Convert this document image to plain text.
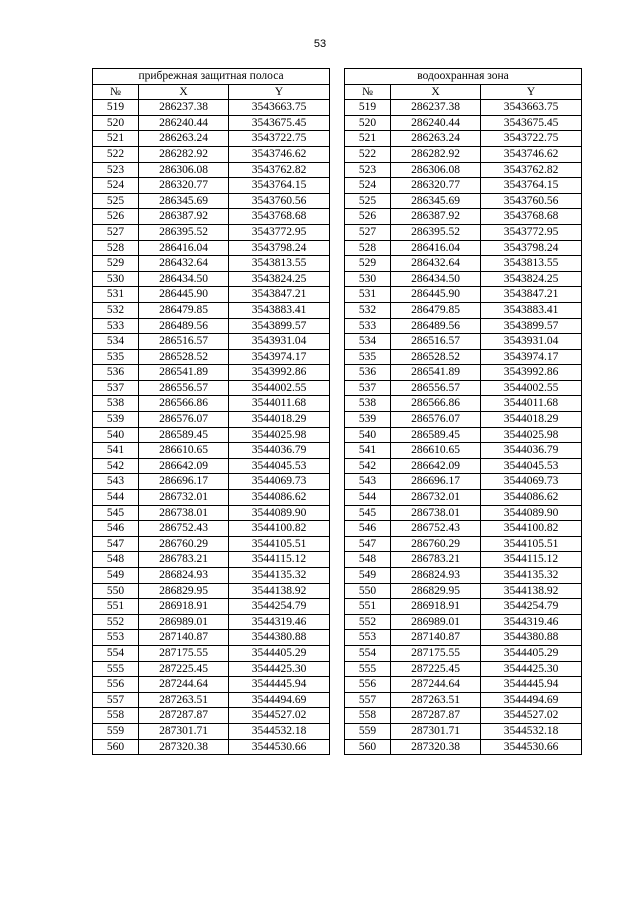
53
прибрежная защитная полоса		
№	X	Y
519	286237.38	3543663.75
520	286240.44	3543675.45
521	286263.24	3543722.75
522	286282.92	3543746.62
523	286306.08	3543762.82
524	286320.77	3543764.15
525	286345.69	3543760.56
526	286387.92	3543768.68
527	286395.52	3543772.95
528	286416.04	3543798.24
529	286432.64	3543813.55
530	286434.50	3543824.25
531	286445.90	3543847.21
532	286479.85	3543883.41
533	286489.56	3543899.57
534	286516.57	3543931.04
535	286528.52	3543974.17
536	286541.89	3543992.86
537	286556.57	3544002.55
538	286566.86	3544011.68
539	286576.07	3544018.29
540	286589.45	3544025.98
541	286610.65	3544036.79
542	286642.09	3544045.53
543	286696.17	3544069.73
544	286732.01	3544086.62
545	286738.01	3544089.90
546	286752.43	3544100.82
547	286760.29	3544105.51
548	286783.21	3544115.12
549	286824.93	3544135.32
550	286829.95	3544138.92
551	286918.91	3544254.79
552	286989.01	3544319.46
553	287140.87	3544380.88
554	287175.55	3544405.29
555	287225.45	3544425.30
556	287244.64	3544445.94
557	287263.51	3544494.69
558	287287.87	3544527.02
559	287301.71	3544532.18
560	287320.38	3544530.66
водоохранная зона		
№	X	Y
519	286237.38	3543663.75
520	286240.44	3543675.45
521	286263.24	3543722.75
522	286282.92	3543746.62
523	286306.08	3543762.82
524	286320.77	3543764.15
525	286345.69	3543760.56
526	286387.92	3543768.68
527	286395.52	3543772.95
528	286416.04	3543798.24
529	286432.64	3543813.55
530	286434.50	3543824.25
531	286445.90	3543847.21
532	286479.85	3543883.41
533	286489.56	3543899.57
534	286516.57	3543931.04
535	286528.52	3543974.17
536	286541.89	3543992.86
537	286556.57	3544002.55
538	286566.86	3544011.68
539	286576.07	3544018.29
540	286589.45	3544025.98
541	286610.65	3544036.79
542	286642.09	3544045.53
543	286696.17	3544069.73
544	286732.01	3544086.62
545	286738.01	3544089.90
546	286752.43	3544100.82
547	286760.29	3544105.51
548	286783.21	3544115.12
549	286824.93	3544135.32
550	286829.95	3544138.92
551	286918.91	3544254.79
552	286989.01	3544319.46
553	287140.87	3544380.88
554	287175.55	3544405.29
555	287225.45	3544425.30
556	287244.64	3544445.94
557	287263.51	3544494.69
558	287287.87	3544527.02
559	287301.71	3544532.18
560	287320.38	3544530.66
